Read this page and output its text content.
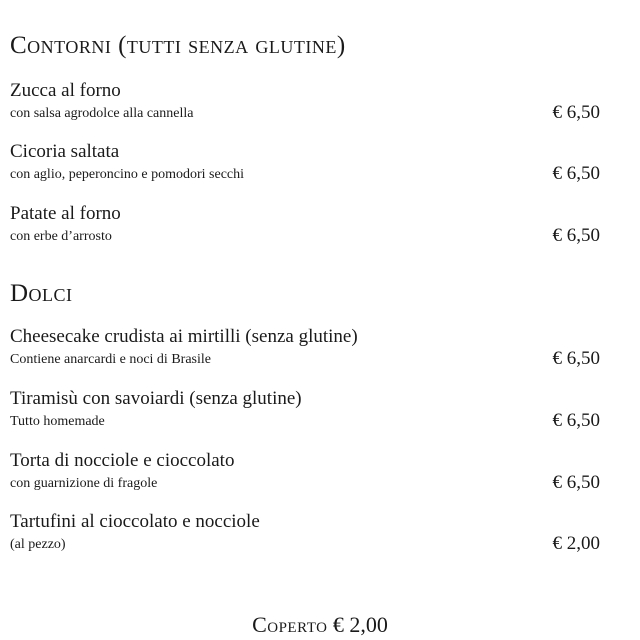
Contorni (tutti senza glutine)
Zucca al forno
con salsa agrodolce alla cannella	€ 6,50
Cicoria saltata
con aglio, peperoncino e pomodori secchi	€ 6,50
Patate al forno
con erbe d’arrosto	€ 6,50
Dolci
Cheesecake crudista ai mirtilli (senza glutine)
Contiene anarcardi e noci di Brasile	€ 6,50
Tiramisù con savoiardi (senza glutine)
Tutto homemade	€ 6,50
Torta di nocciole e cioccolato
con guarnizione di fragole	€ 6,50
Tartufini al cioccolato e nocciole
(al pezzo)	€ 2,00
Coperto € 2,00
